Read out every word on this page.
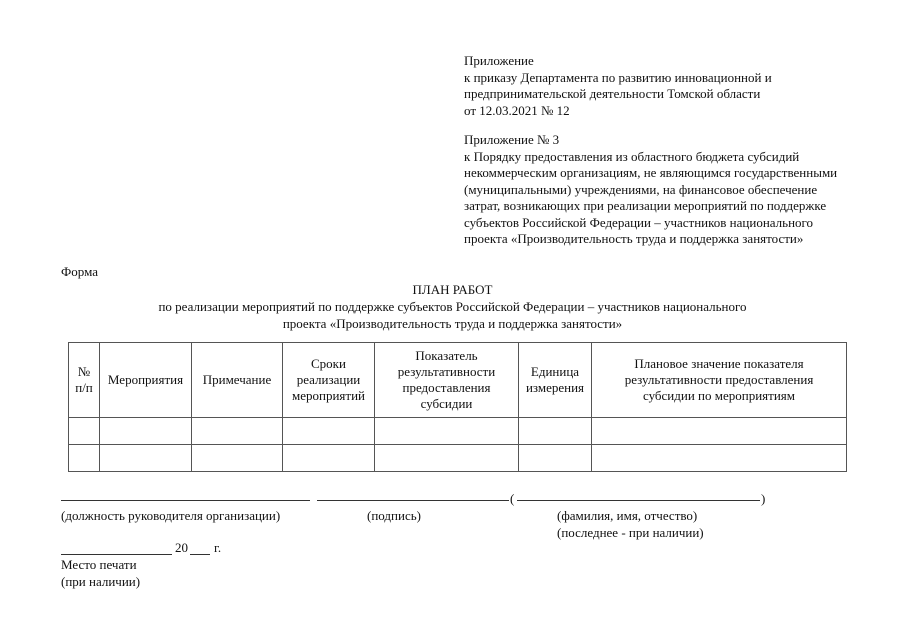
Приложение

к приказу Департамента по развитию инновационной и

предпринимательской деятельности Томской области

от 12.03.2021 № 12

Приложение № 3

к Порядку предоставления из областного бюджета субсидий

некоммерческим организациям, не являющимся государственными

(муниципальными) учреждениями, на финансовое обеспечение

затрат, возникающих при реализации мероприятий по поддержке

субъектов Российской Федерации – участников национального

проекта «Производительность труда и поддержка занятости»

Форма

ПЛАН РАБОТ

по реализации мероприятий по поддержке субъектов Российской Федерации – участников национального

проекта «Производительность труда и поддержка занятости»

№
п/п	Мероприятия	Примечание	Сроки
реализации
мероприятий	Показатель
результативности
предоставления
субсидии	Единица
измерения	Плановое значение показателя
результативности предоставления
субсидии по мероприятиям

(	)
(должность руководителя организации)	(подпись)	(фамилия, имя, отчество)
(последнее - при наличии)
20 г.
Место печати
(при наличии)
